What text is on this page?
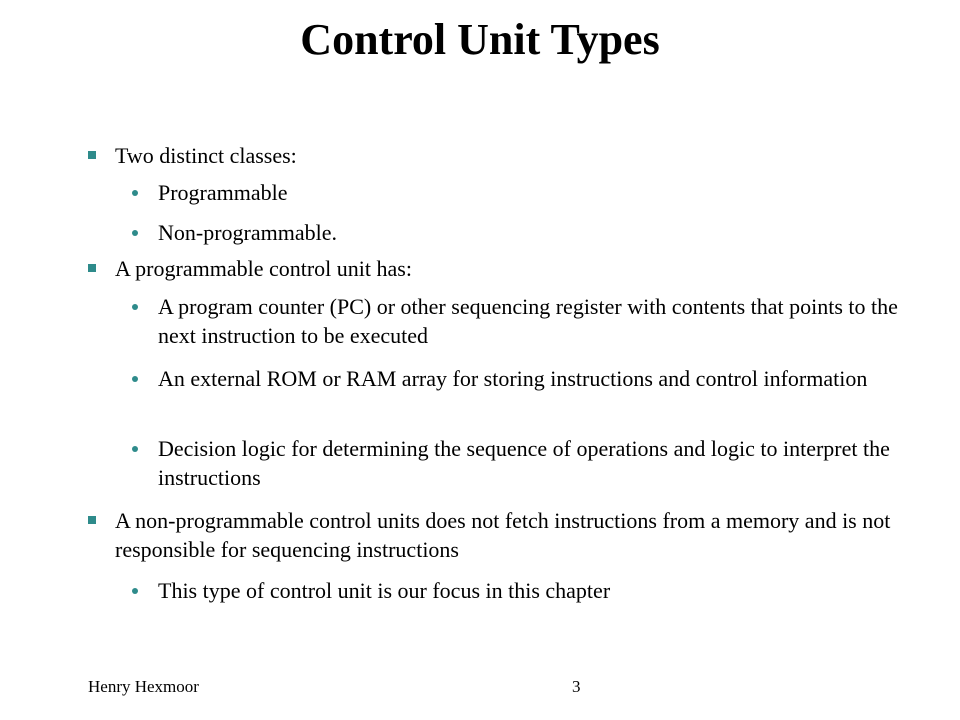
Control Unit Types
Two distinct classes:
Programmable
Non-programmable.
A programmable control unit has:
A program counter (PC) or other sequencing register with contents that points to the next instruction to be executed
An external ROM or RAM array for storing instructions and control information
Decision logic for determining the sequence of operations and logic to interpret the instructions
A non-programmable control units does not fetch instructions from a memory and is not responsible for sequencing instructions
This type of control unit is our focus in this chapter
Henry Hexmoor	3
